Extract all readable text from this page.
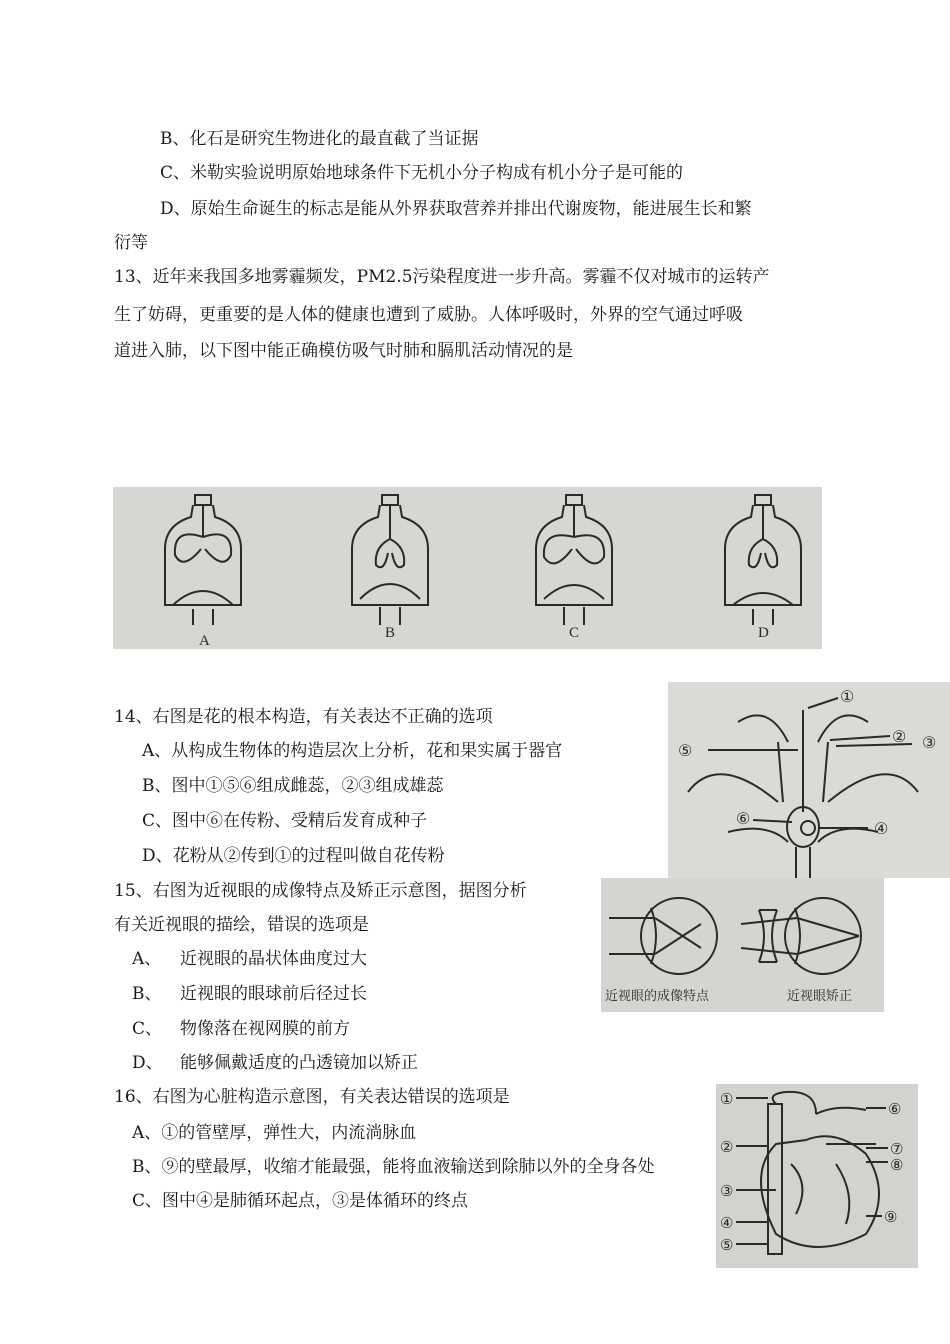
B、化石是研究生物进化的最直截了当证据
C、米勒实验说明原始地球条件下无机小分子构成有机小分子是可能的
D、原始生命诞生的标志是能从外界获取营养并排出代谢废物，能进展生长和繁
衍等
13、近年来我国多地雾霾频发，PM2.5污染程度进一步升高。雾霾不仅对城市的运转产
生了妨碍，更重要的是人体的健康也遭到了威胁。人体呼吸时，外界的空气通过呼吸
道进入肺，以下图中能正确模仿吸气时肺和膈肌活动情况的是
A	B	C	D
14、右图是花的根本构造，有关表达不正确的选项
A、从构成生物体的构造层次上分析，花和果实属于器官
B、图中①⑤⑥组成雌蕊，②③组成雄蕊
C、图中⑥在传粉、受精后发育成种子
D、花粉从②传到①的过程叫做自花传粉
①
② ③
④
⑤
⑥
15、右图为近视眼的成像特点及矫正示意图，据图分析
有关近视眼的描绘，错误的选项是
A、 近视眼的晶状体曲度过大
B、 近视眼的眼球前后径过长
C、 物像落在视网膜的前方
D、 能够佩戴适度的凸透镜加以矫正
近视眼的成像特点	近视眼矫正
16、右图为心脏构造示意图，有关表达错误的选项是
A、①的管壁厚，弹性大，内流淌脉血
B、⑨的壁最厚，收缩才能最强，能将血液输送到除肺以外的全身各处
C、图中④是肺循环起点，③是体循环的终点
①
②
③
④
⑤
⑥
⑦
⑧
⑨
